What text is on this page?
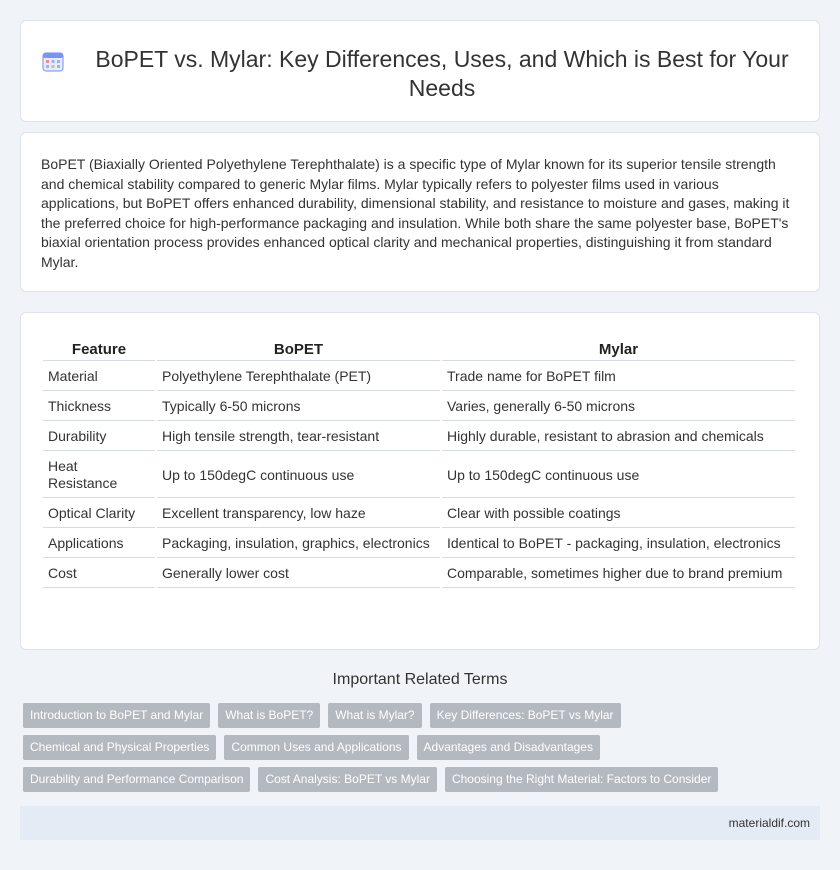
BoPET vs. Mylar: Key Differences, Uses, and Which is Best for Your Needs

BoPET (Biaxially Oriented Polyethylene Terephthalate) is a specific type of Mylar known for its superior tensile strength and chemical stability compared to generic Mylar films. Mylar typically refers to polyester films used in various applications, but BoPET offers enhanced durability, dimensional stability, and resistance to moisture and gases, making it the preferred choice for high-performance packaging and insulation. While both share the same polyester base, BoPET's biaxial orientation process provides enhanced optical clarity and mechanical properties, distinguishing it from standard Mylar.

Feature	BoPET	Mylar
Material	Polyethylene Terephthalate (PET)	Trade name for BoPET film
Thickness	Typically 6-50 microns	Varies, generally 6-50 microns
Durability	High tensile strength, tear-resistant	Highly durable, resistant to abrasion and chemicals
Heat Resistance	Up to 150degC continuous use	Up to 150degC continuous use
Optical Clarity	Excellent transparency, low haze	Clear with possible coatings
Applications	Packaging, insulation, graphics, electronics	Identical to BoPET - packaging, insulation, electronics
Cost	Generally lower cost	Comparable, sometimes higher due to brand premium
Important Related Terms
Introduction to BoPET and Mylar	What is BoPET?	What is Mylar?	Key Differences: BoPET vs Mylar
Chemical and Physical Properties	Common Uses and Applications	Advantages and Disadvantages
Durability and Performance Comparison	Cost Analysis: BoPET vs Mylar	Choosing the Right Material: Factors to Consider
materialdif.com
